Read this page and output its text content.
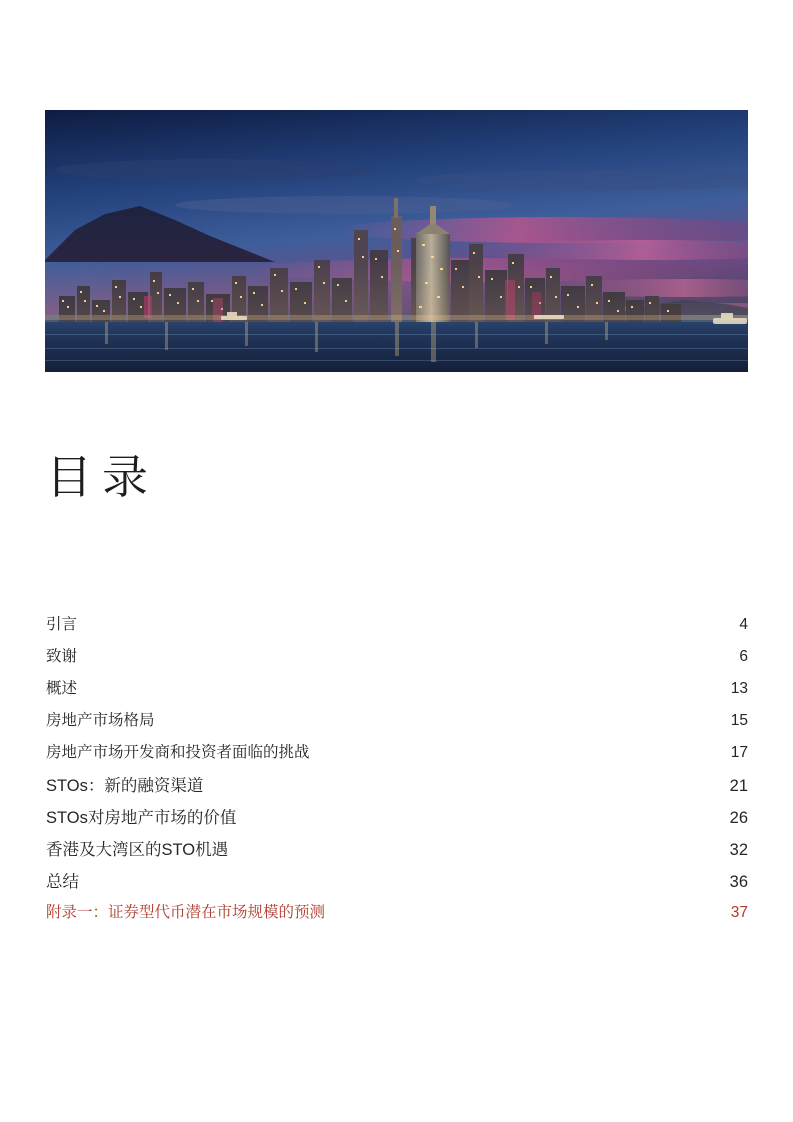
目录
引言	4
致谢	6
概述	13
房地产市场格局	15
房地产市场开发商和投资者面临的挑战	17
STOs：新的融资渠道	21
STOs对房地产市场的价值	26
香港及大湾区的STO机遇	32
总结	36
附录一：证券型代币潜在市场规模的预测	37
